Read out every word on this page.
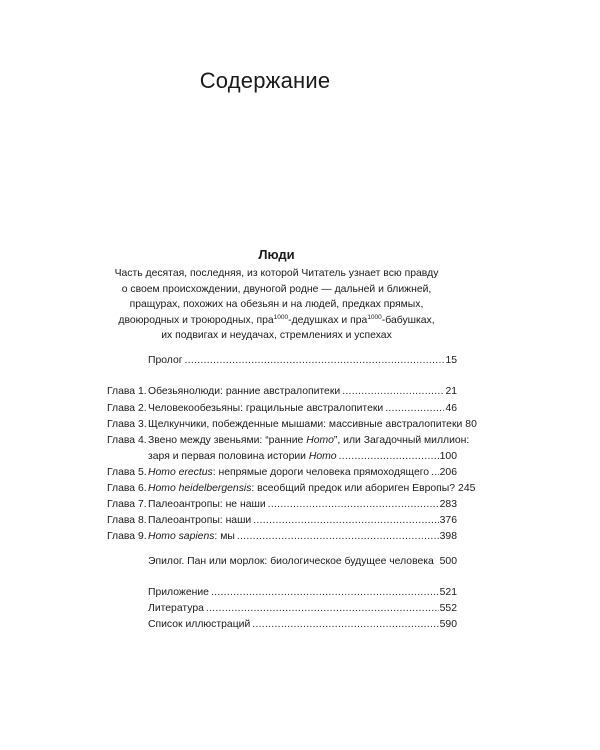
Содержание
Люди
Часть десятая, последняя, из которой Читатель узнает всю правду
о своем происхождении, двуногой родне — дальней и ближней,
пращурах, похожих на обезьян и на людей, предках прямых,
двоюродных и троюродных, пра$^{1000}$-дедушках и пра$^{1000}$-бабушках,
их подвигах и неудачах, стремлениях и успехах
Пролог . . .	15
Глава 1. Обезьянолюди: ранние австралопитеки . . .	21
Глава 2. Человекообезьяны: грацильные австралопитеки . . .	46
Глава 3. Щелкунчики, побежденные мышами: массивные австралопитеки 80
Глава 4. Звено между звеньями: “ранние Homo”, или Загадочный миллион:
заря и первая половина истории Homo . . .	100
Глава 5. Homo erectus: непрямые дороги человека прямоходящего . . . 206
Глава 6. Homo heidelbergensis: всеобщий предок или абориген Европы? 245
Глава 7. Палеоантропы: не наши . . .	283
Глава 8. Палеоантропы: наши . . .	376
Глава 9. Homo sapiens: мы . . .	398
Эпилог. Пан или морлок: биологическое будущее человека 500
Приложение . . .	521
Литература . . .	552
Список иллюстраций . . .	590
